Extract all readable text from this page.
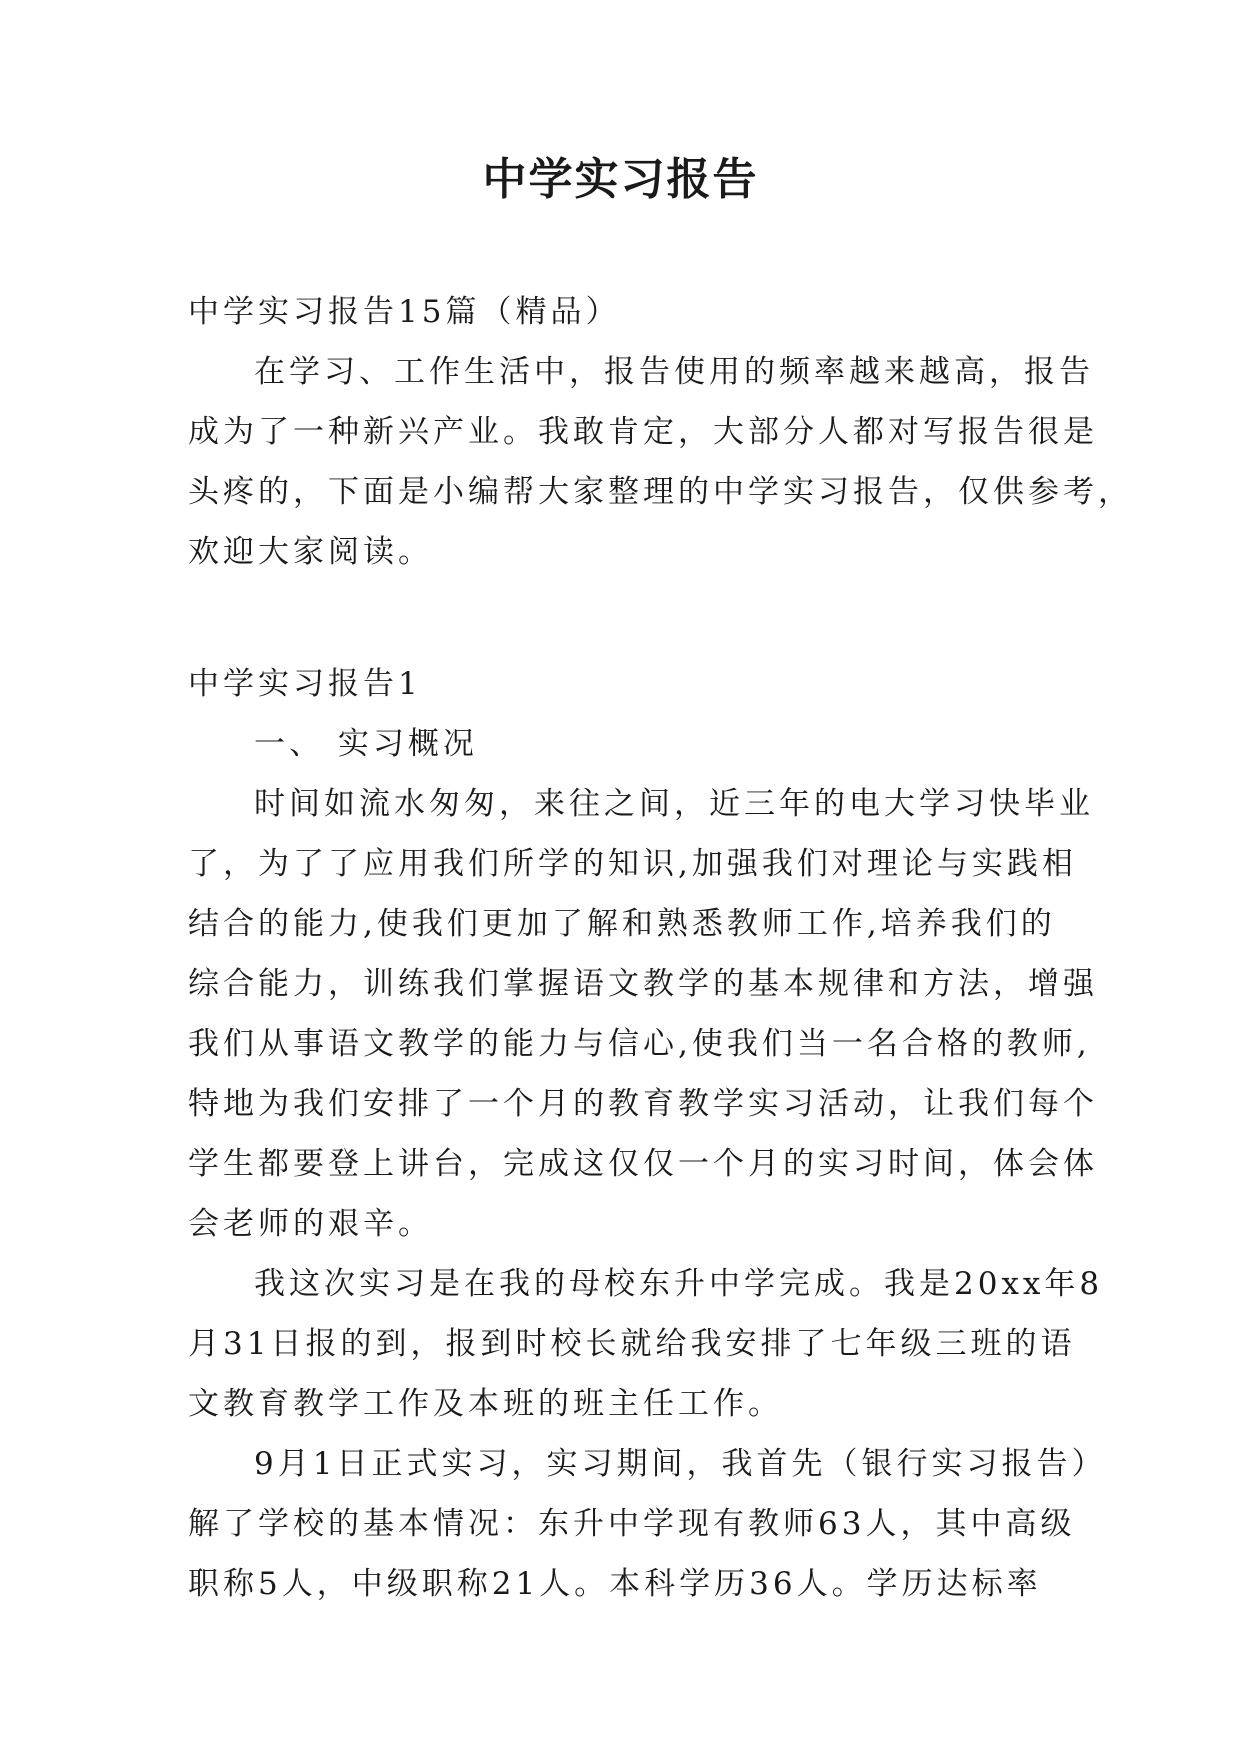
中学实习报告
中学实习报告15篇（精品）
在学习、工作生活中，报告使用的频率越来越高，报告
成为了一种新兴产业。我敢肯定，大部分人都对写报告很是
头疼的，下面是小编帮大家整理的中学实习报告，仅供参考，
欢迎大家阅读。
中学实习报告1
一、 实习概况
时间如流水匆匆，来往之间，近三年的电大学习快毕业
了，为了了应用我们所学的知识,加强我们对理论与实践相
结合的能力,使我们更加了解和熟悉教师工作,培养我们的
综合能力，训练我们掌握语文教学的基本规律和方法，增强
我们从事语文教学的能力与信心,使我们当一名合格的教师,
特地为我们安排了一个月的教育教学实习活动，让我们每个
学生都要登上讲台，完成这仅仅一个月的实习时间，体会体
会老师的艰辛。
我这次实习是在我的母校东升中学完成。我是20xx年8
月31日报的到，报到时校长就给我安排了七年级三班的语
文教育教学工作及本班的班主任工作。
9月1日正式实习，实习期间，我首先（银行实习报告）
解了学校的基本情况：东升中学现有教师63人，其中高级
职称5人，中级职称21人。本科学历36人。学历达标率
